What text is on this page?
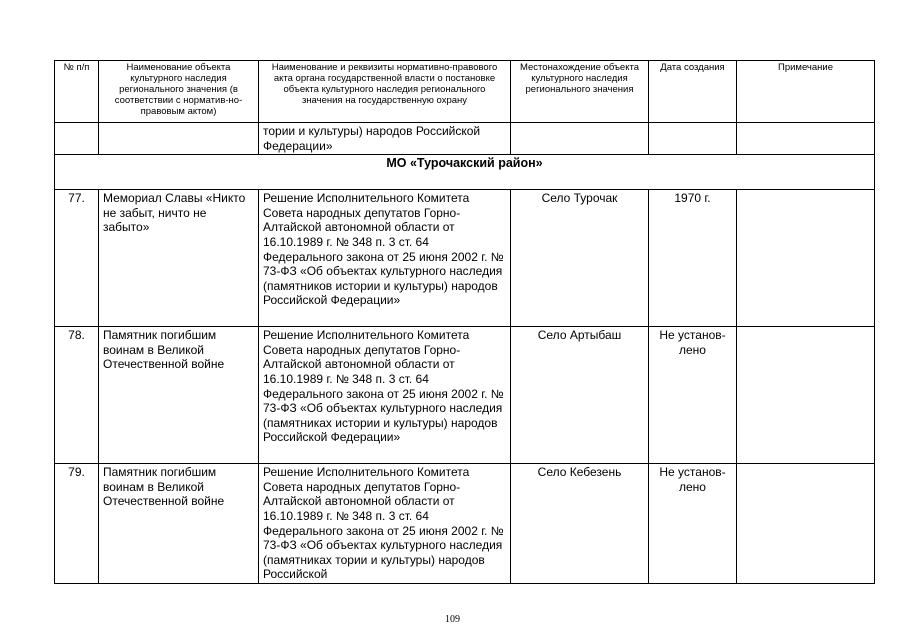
№ п/п	Наименование объекта культурного наследия регионального значения (в соответствии с норматив-но-правовым актом)	Наименование и реквизиты нормативно-правового акта органа государственной власти о постановке объекта культурного наследия регионального значения на государственную охрану	Местонахождение объекта культурного наследия регионального значения	Дата создания	Примечание
		тории и культуры) народов Российской Федерации»			
МО «Турочакский район»					
77.	Мемориал Славы «Никто не забыт, ничто не забыто»	Решение Исполнительного Комитета Совета народных депутатов Горно-Алтайской автономной области от 16.10.1989 г. № 348 п. 3 ст. 64 Федерального закона от 25 июня 2002 г. № 73-ФЗ «Об объектах культурного наследия (памятников истории и культуры) народов Российской Федерации»	Село Турочак	1970 г.	
78.	Памятник погибшим воинам в Великой Отечественной войне	Решение Исполнительного Комитета Совета народных депутатов Горно-Алтайской автономной области от 16.10.1989 г. № 348 п. 3 ст. 64 Федерального закона от 25 июня 2002 г. № 73-ФЗ «Об объектах культурного наследия (памятниках истории и культуры) народов Российской Федерации»	Село Артыбаш	Не установ-лено	
79.	Памятник погибшим воинам в Великой Отечественной войне	Решение Исполнительного Комитета Совета народных депутатов Горно-Алтайской автономной области от 16.10.1989 г. № 348 п. 3 ст. 64 Федерального закона от 25 июня 2002 г. № 73-ФЗ «Об объектах культурного наследия (памятниках тории и культуры) народов Российской	Село Кебезень	Не установ-лено	
109
